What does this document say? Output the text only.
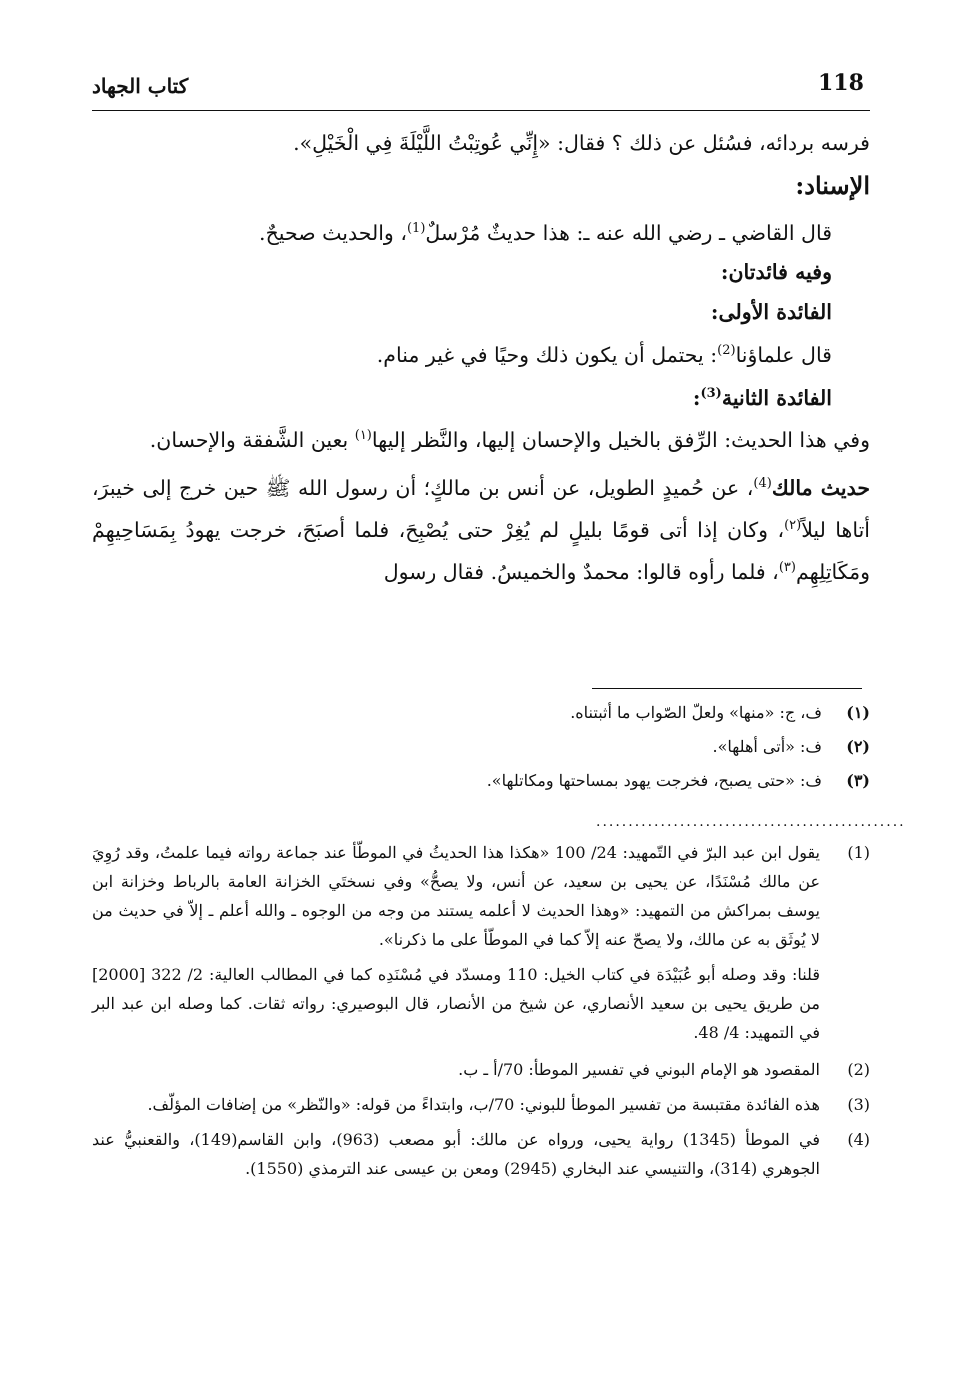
118
كتاب الجهاد

فرسه بردائه، فسُئل عن ذلك ؟ فقال: «إِنِّي عُوتِبْتُ اللَّيْلَةَ فِي الْخَيْلِ».

الإسناد:

قال القاضي ـ رضي الله عنه ـ: هذا حديثٌ مُرْسلٌ$^{(1)}$، والحديث صحيحٌ.

وفيه فائدتان:

الفائدة الأولى:

قال علماؤنا$^{(2)}$: يحتمل أن يكون ذلك وحيًا في غير منام.

الفائدة الثانية$^{(3)}$:

وفي هذا الحديث: الرِّفق بالخيل والإحسان إليها، والنَّظر إليها$^{(١)}$ بعين الشَّفقة والإحسان.

حديث مالك$^{(4)}$، عن حُميدٍ الطويل، عن أنس بن مالكٍ؛ أن رسول الله ﷺ حين خرج إلى خيبرَ، أتاها ليلاً$^{(٢)}$، وكان إذا أتى قومًا بليلٍ لم يُغِرْ حتى يُصْبِحَ، فلما أصبَحَ، خرجت يهودُ بِمَسَاحِيهِمْ ومَكَاتِلِهِم$^{(٣)}$، فلما رأوه قالوا: محمدٌ والخميسُ. فقال رسول

(١)
ف، ج: «منها» ولعلّ الصّواب ما أثبتناه.
(٢)
ف: «أتى أهلها».
(٣)
ف: «حتى يصبح، فخرجت يهود بمساحتها ومكاتلها».
................................................
(1)
يقول ابن عبد البرّ في التّمهيد: 24/ 100 «هكذا هذا الحديثُ في الموطّأ عند جماعة رواته فيما علمتُ، وقد رُوِيَ عن مالك مُسْنَدًا، عن يحيى بن سعيد، عن أنس، ولا يصحُّ» وفي نسختَي الخزانة العامة بالرباط وخزانة ابن يوسف بمراكش من التمهيد: «وهذا الحديث لا أعلمه يستند من وجه من الوجوه ـ والله أعلم ـ إلاّ في حديث من لا يُوثَق به عن مالك، ولا يصحّ عنه إلاّ كما في الموطّأ على ما ذكرنا».
قلنا: وقد وصله أبو عُبَيْدَة في كتاب الخيل: 110 ومسدّد في مُسْنَدِه كما في المطالب العالية: 2/ 322 [2000] من طريق يحيى بن سعيد الأنصاري، عن شيخ من الأنصار، قال البوصيري: رواته ثقات. كما وصله ابن عبد البر في التمهيد: 4/ 48.
(2)
المقصود هو الإمام البوني في تفسير الموطأ: 70/أ ـ ب.
(3)
هذه الفائدة مقتبسة من تفسير الموطأ للبوني: 70/ب، وابتداءً من قوله: «والنّظر» من إضافات المؤلّف.
(4)
في الموطأ (1345) رواية يحيى، ورواه عن مالك: أبو مصعب (963)، وابن القاسم(149)، والقعنبيُّ عند الجوهري (314)، والتنيسي عند البخاري (2945) ومعن بن عيسى عند الترمذي (1550).
